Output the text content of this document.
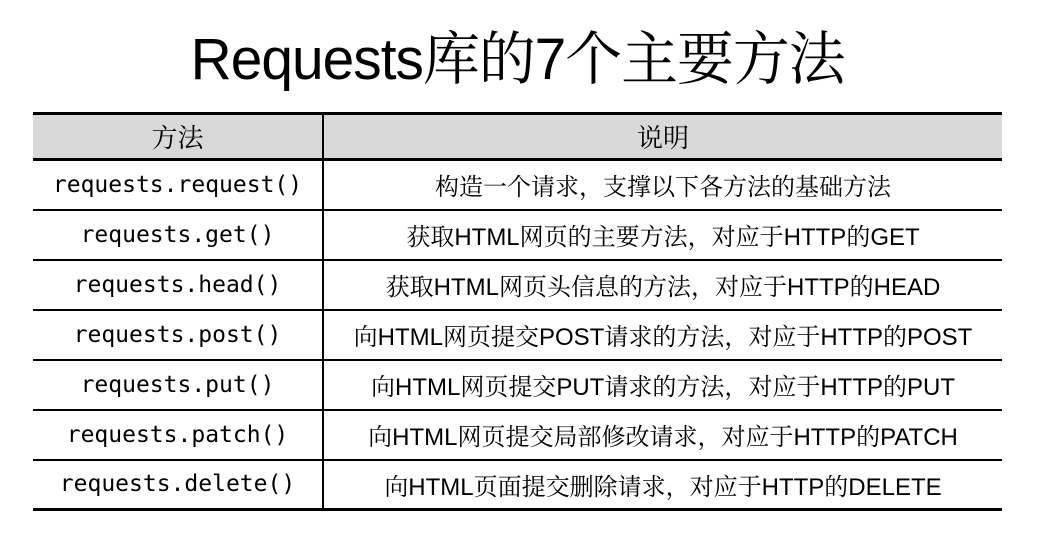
Requests库的7个主要方法
方法	说明
requests.request()	构造一个请求，支撑以下各方法的基础方法
requests.get()	获取HTML网页的主要方法，对应于HTTP的GET
requests.head()	获取HTML网页头信息的方法，对应于HTTP的HEAD
requests.post()	向HTML网页提交POST请求的方法，对应于HTTP的POST
requests.put()	向HTML网页提交PUT请求的方法，对应于HTTP的PUT
requests.patch()	向HTML网页提交局部修改请求，对应于HTTP的PATCH
requests.delete()	向HTML页面提交删除请求，对应于HTTP的DELETE
